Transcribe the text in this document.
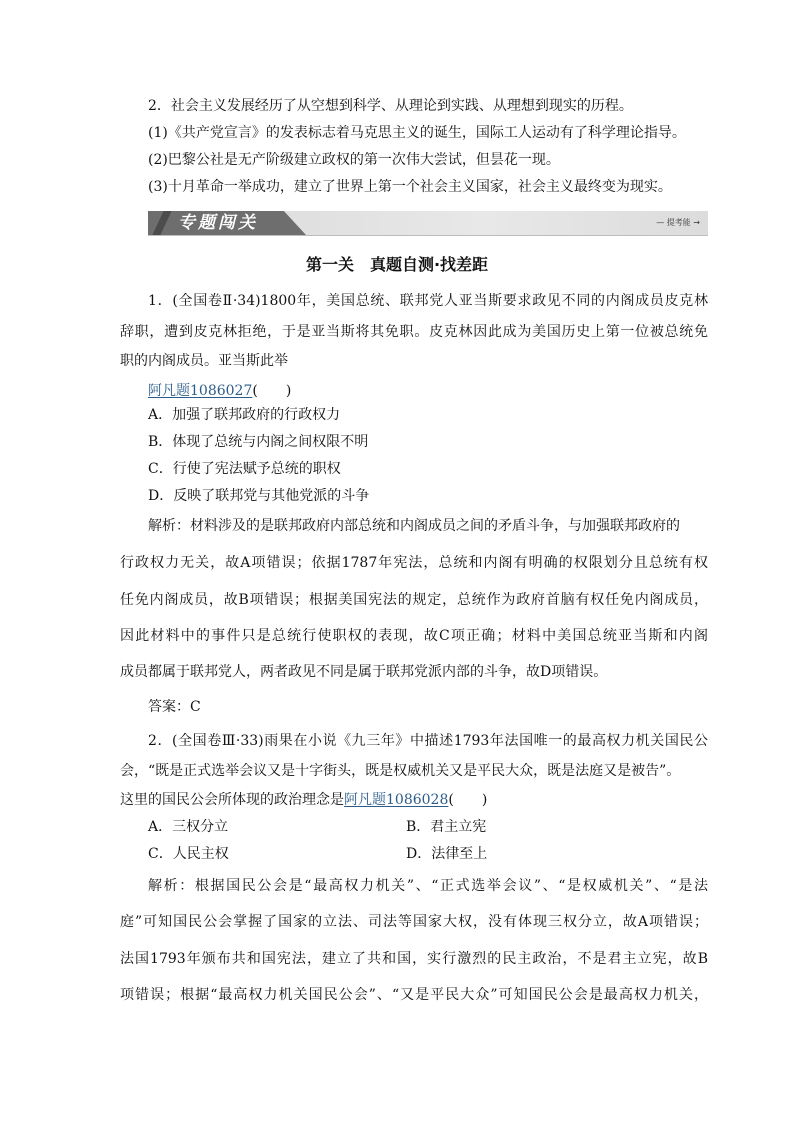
2．社会主义发展经历了从空想到科学、从理论到实践、从理想到现实的历程。
(1)《共产党宣言》的发表标志着马克思主义的诞生，国际工人运动有了科学理论指导。
(2)巴黎公社是无产阶级建立政权的第一次伟大尝试，但昙花一现。
(3)十月革命一举成功，建立了世界上第一个社会主义国家，社会主义最终变为现实。
专题闯关	— 提考能 →
第一关　真题自测·找差距
1．(全国卷Ⅱ·34)1800年，美国总统、联邦党人亚当斯要求政见不同的内阁成员皮克林
辞职，遭到皮克林拒绝，于是亚当斯将其免职。皮克林因此成为美国历史上第一位被总统免
职的内阁成员。亚当斯此举
阿凡题1086027(　　)
A．加强了联邦政府的行政权力
B．体现了总统与内阁之间权限不明
C．行使了宪法赋予总统的职权
D．反映了联邦党与其他党派的斗争
解析：材料涉及的是联邦政府内部总统和内阁成员之间的矛盾斗争，与加强联邦政府的
行政权力无关，故A项错误；依据1787年宪法，总统和内阁有明确的权限划分且总统有权
任免内阁成员，故B项错误；根据美国宪法的规定，总统作为政府首脑有权任免内阁成员，
因此材料中的事件只是总统行使职权的表现，故C项正确；材料中美国总统亚当斯和内阁
成员都属于联邦党人，两者政见不同是属于联邦党派内部的斗争，故D项错误。
答案：C
2．(全国卷Ⅲ·33)雨果在小说《九三年》中描述1793年法国唯一的最高权力机关国民公
会，“既是正式选举会议又是十字街头，既是权威机关又是平民大众，既是法庭又是被告”。
这里的国民公会所体现的政治理念是阿凡题1086028(　　)
A．三权分立	B．君主立宪
C．人民主权	D．法律至上
解析：根据国民公会是“最高权力机关”、“正式选举会议”、“是权威机关”、“是法
庭”可知国民公会掌握了国家的立法、司法等国家大权，没有体现三权分立，故A项错误；
法国1793年颁布共和国宪法，建立了共和国，实行激烈的民主政治，不是君主立宪，故B
项错误；根据“最高权力机关国民公会”、“又是平民大众”可知国民公会是最高权力机关，
